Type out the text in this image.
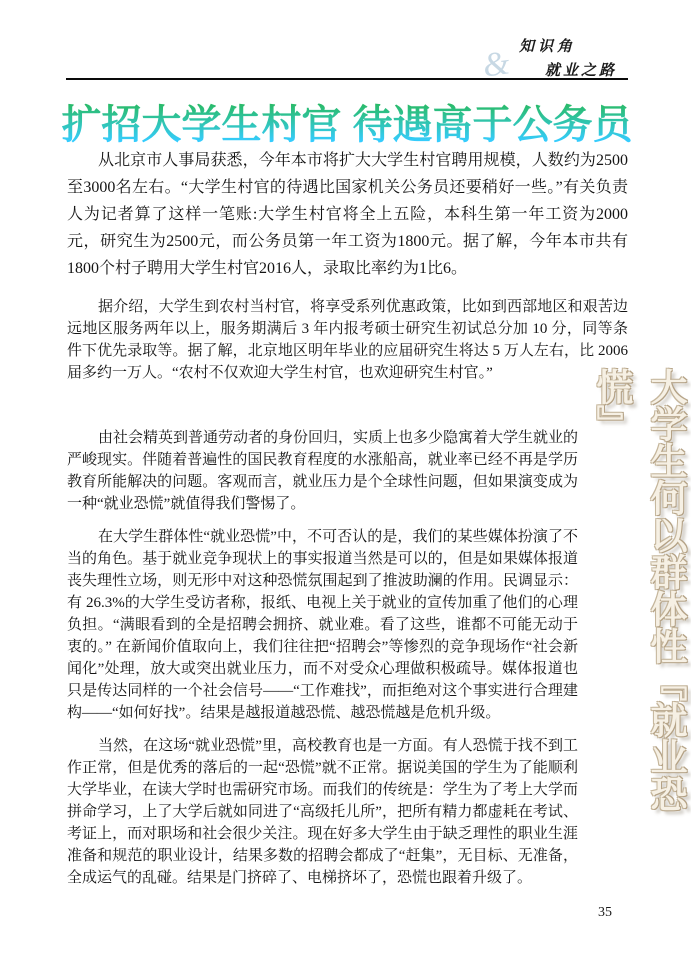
知识角
& 就业之路
扩招大学生村官 待遇高于公务员

从北京市人事局获悉，今年本市将扩大大学生村官聘用规模，人数约为2500至3000名左右。“大学生村官的待遇比国家机关公务员还要稍好一些。”有关负责人为记者算了这样一笔账:大学生村官将全上五险，本科生第一年工资为2000元，研究生为2500元，而公务员第一年工资为1800元。据了解，今年本市共有1800个村子聘用大学生村官2016人，录取比率约为1比6。

据介绍，大学生到农村当村官，将享受系列优惠政策，比如到西部地区和艰苦边远地区服务两年以上，服务期满后 3 年内报考硕士研究生初试总分加 10 分，同等条件下优先录取等。据了解，北京地区明年毕业的应届研究生将达 5 万人左右，比 2006 届多约一万人。“农村不仅欢迎大学生村官，也欢迎研究生村官。”

由社会精英到普通劳动者的身份回归，实质上也多少隐寓着大学生就业的严峻现实。伴随着普遍性的国民教育程度的水涨船高，就业率已经不再是学历教育所能解决的问题。客观而言，就业压力是个全球性问题，但如果演变成为一种“就业恐慌”就值得我们警惕了。

在大学生群体性“就业恐慌”中，不可否认的是，我们的某些媒体扮演了不当的角色。基于就业竞争现状上的事实报道当然是可以的，但是如果媒体报道丧失理性立场，则无形中对这种恐慌氛围起到了推波助澜的作用。民调显示：有 26.3%的大学生受访者称，报纸、电视上关于就业的宣传加重了他们的心理负担。“满眼看到的全是招聘会拥挤、就业难。看了这些，谁都不可能无动于衷的。” 在新闻价值取向上，我们往往把“招聘会”等惨烈的竞争现场作“社会新闻化”处理，放大或突出就业压力，而不对受众心理做积极疏导。媒体报道也只是传达同样的一个社会信号——“工作难找”，而拒绝对这个事实进行合理建构——“如何好找”。结果是越报道越恐慌、越恐慌越是危机升级。

当然，在这场“就业恐慌”里，高校教育也是一方面。有人恐慌于找不到工作正常，但是优秀的落后的一起“恐慌”就不正常。据说美国的学生为了能顺利大学毕业，在读大学时也需研究市场。而我们的传统是：学生为了考上大学而拼命学习，上了大学后就如同进了“高级托儿所”，把所有精力都虚耗在考试、考证上，而对职场和社会很少关注。现在好多大学生由于缺乏理性的职业生涯准备和规范的职业设计，结果多数的招聘会都成了“赶集”，无目标、无准备，全成运气的乱碰。结果是门挤碎了、电梯挤坏了，恐慌也跟着升级了。

大学生何以群体性『就业恐慌』
35
